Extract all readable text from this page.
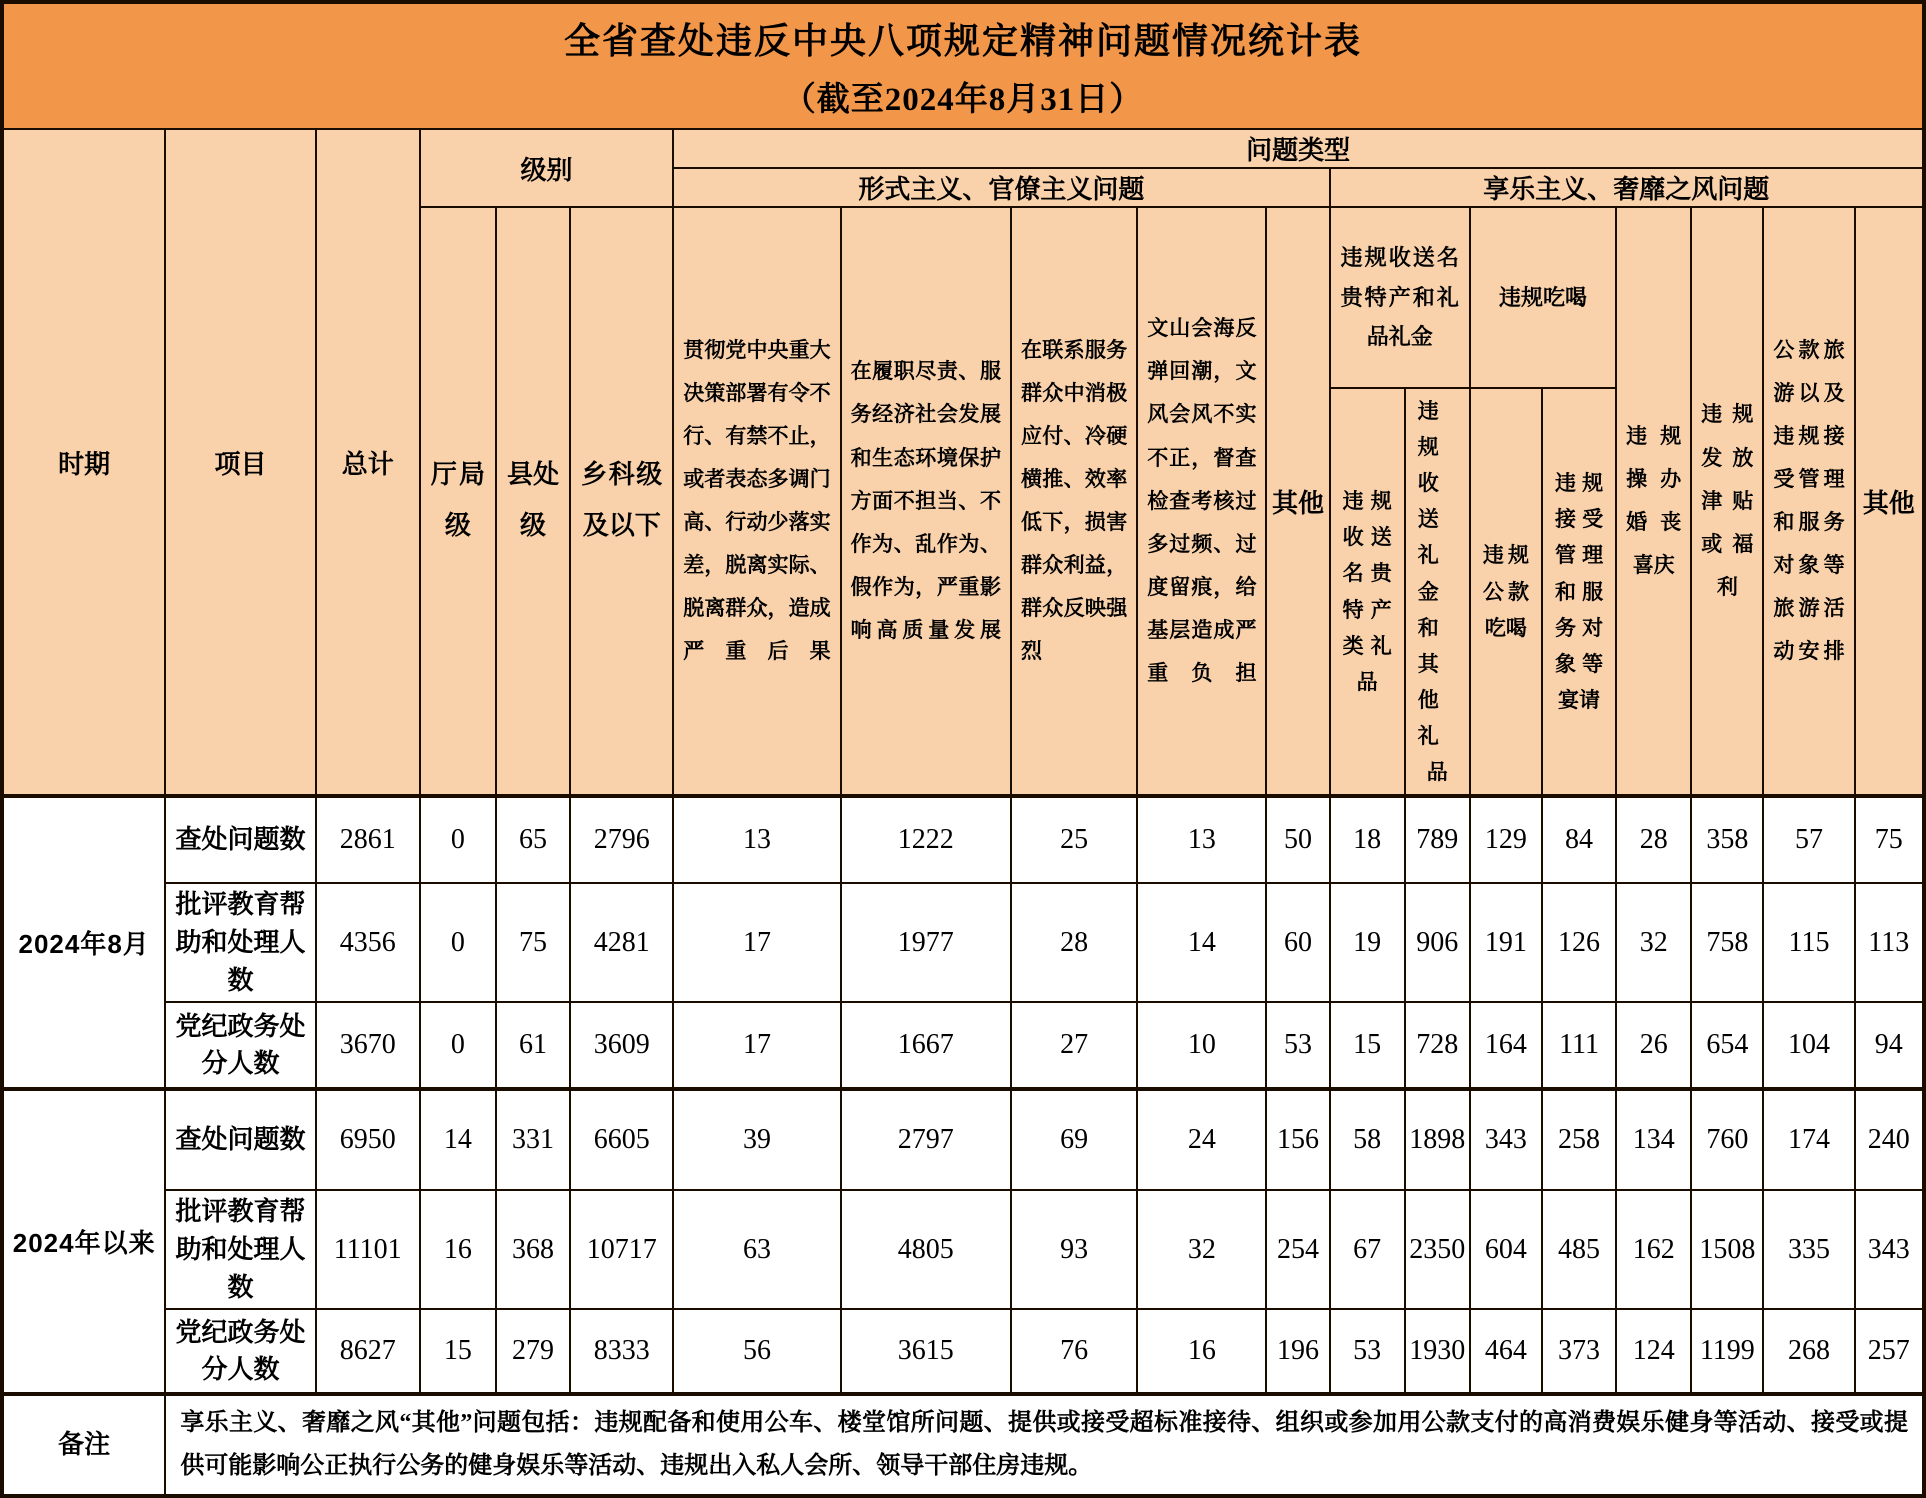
全省查处违反中央八项规定精神问题情况统计表
（截至2024年8月31日）																		

时期	项目	总计	级别			问题类型												
						形式主义、官僚主义问题					享乐主义、奢靡之风问题							
			厅局级	县处级	乡科级及以下	贯彻党中央重大决策部署有令不行、有禁不止，或者表态多调门高、行动少落实差，脱离实际、脱离群众，造成严重后果	在履职尽责、服务经济社会发展和生态环境保护方面不担当、不作为、乱作为、假作为，严重影响高质量发展	在联系服务群众中消极应付、冷硬横推、效率低下，损害群众利益，群众反映强烈	文山会海反弹回潮，文风会风不实不正，督查检查考核过多过频、过度留痕，给基层造成严重负担	其他	违规收送名贵特产和礼品礼金		违规吃喝		违规操办婚丧喜庆	违规发放津贴或福利	公款旅游以及违规接受管理和服务对象等旅游活动安排	其他
											违规收送名贵特产类礼品	违规收送礼金和其他礼品	违规公款吃喝	违规接受管理和服务对象等宴请				
2024年8月	查处问题数	2861	0	65	2796	13	1222	25	13	50	18	789	129	84	28	358	57	75
	批评教育帮助和处理人数	4356	0	75	4281	17	1977	28	14	60	19	906	191	126	32	758	115	113
	党纪政务处分人数	3670	0	61	3609	17	1667	27	10	53	15	728	164	111	26	654	104	94
2024年以来	查处问题数	6950	14	331	6605	39	2797	69	24	156	58	1898	343	258	134	760	174	240
	批评教育帮助和处理人数	11101	16	368	10717	63	4805	93	32	254	67	2350	604	485	162	1508	335	343
	党纪政务处分人数	8627	15	279	8333	56	3615	76	16	196	53	1930	464	373	124	1199	268	257
备注	享乐主义、奢靡之风“其他”问题包括：违规配备和使用公车、楼堂馆所问题、提供或接受超标准接待、组织或参加用公款支付的高消费娱乐健身等活动、接受或提供可能影响公正执行公务的健身娱乐等活动、违规出入私人会所、领导干部住房违规。																	
